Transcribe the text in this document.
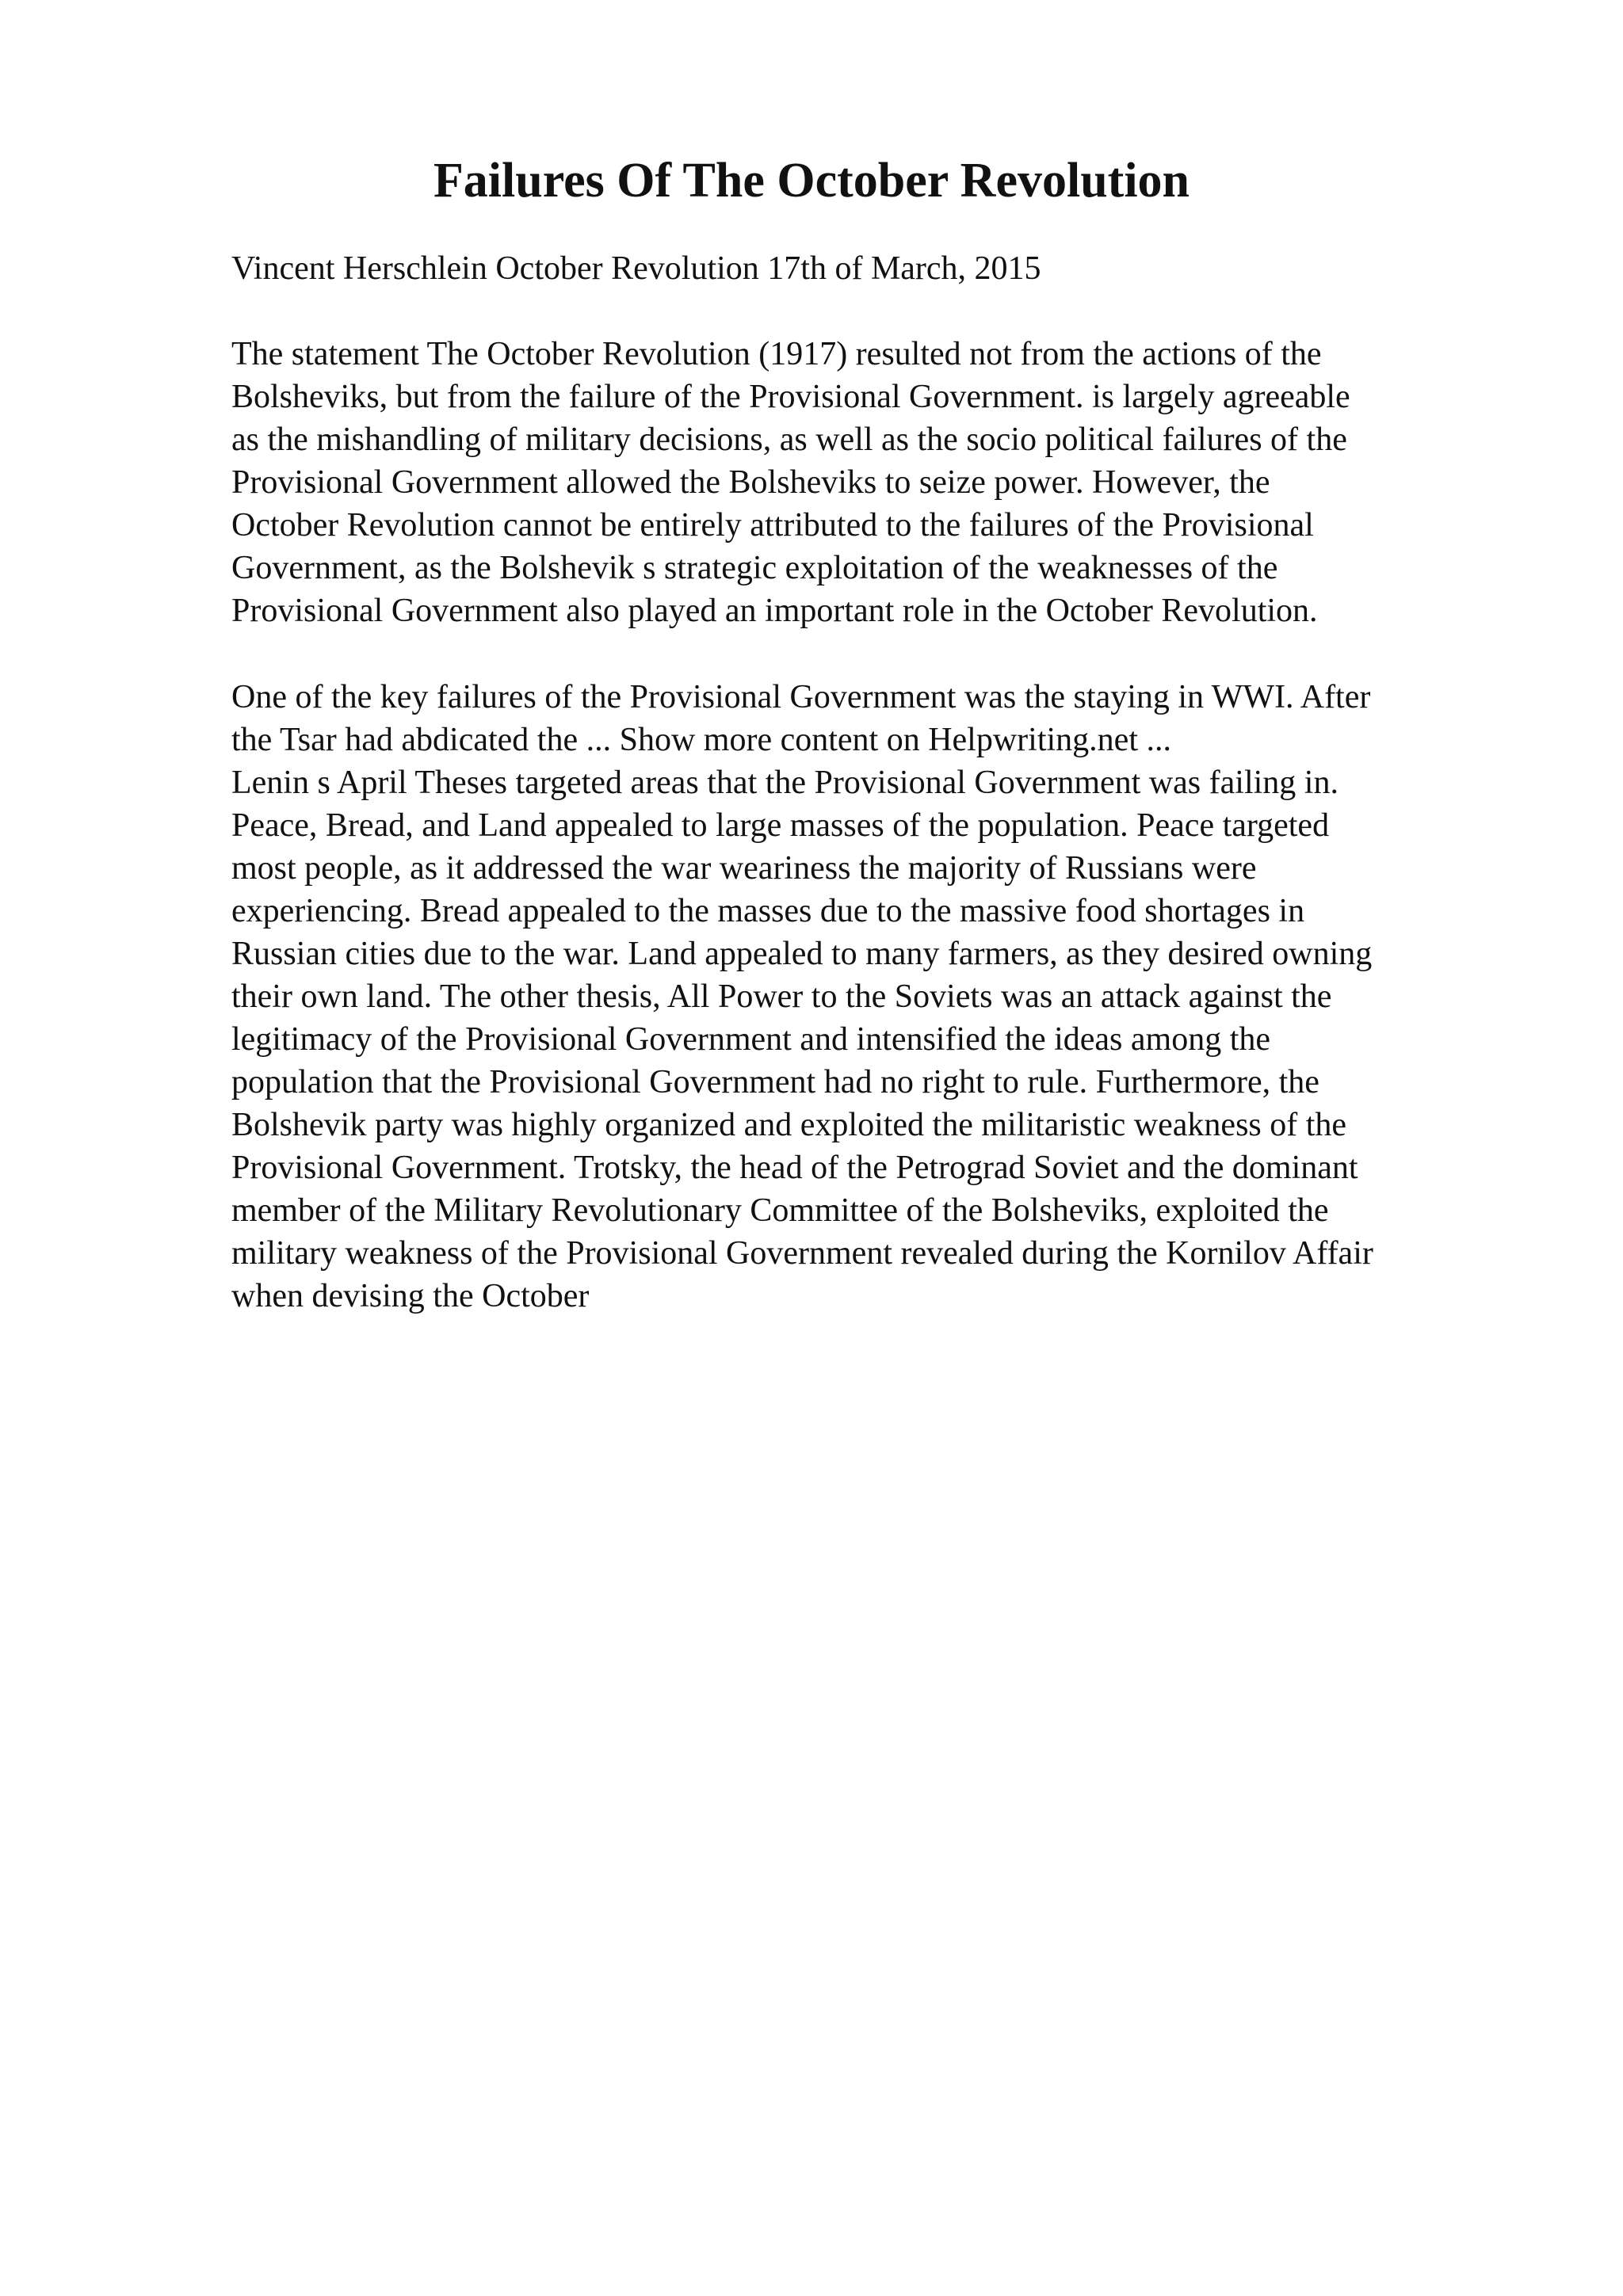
Failures Of The October Revolution

Vincent Herschlein October Revolution 17th of March, 2015

The statement The October Revolution (1917) resulted not from the actions of the
Bolsheviks, but from the failure of the Provisional Government. is largely agreeable
as the mishandling of military decisions, as well as the socio political failures of the
Provisional Government allowed the Bolsheviks to seize power. However, the
October Revolution cannot be entirely attributed to the failures of the Provisional
Government, as the Bolshevik s strategic exploitation of the weaknesses of the
Provisional Government also played an important role in the October Revolution.

One of the key failures of the Provisional Government was the staying in WWI. After
the Tsar had abdicated the ... Show more content on Helpwriting.net ...
Lenin s April Theses targeted areas that the Provisional Government was failing in.
Peace, Bread, and Land appealed to large masses of the population. Peace targeted
most people, as it addressed the war weariness the majority of Russians were
experiencing. Bread appealed to the masses due to the massive food shortages in
Russian cities due to the war. Land appealed to many farmers, as they desired owning
their own land. The other thesis, All Power to the Soviets was an attack against the
legitimacy of the Provisional Government and intensified the ideas among the
population that the Provisional Government had no right to rule. Furthermore, the
Bolshevik party was highly organized and exploited the militaristic weakness of the
Provisional Government. Trotsky, the head of the Petrograd Soviet and the dominant
member of the Military Revolutionary Committee of the Bolsheviks, exploited the
military weakness of the Provisional Government revealed during the Kornilov Affair
when devising the October
